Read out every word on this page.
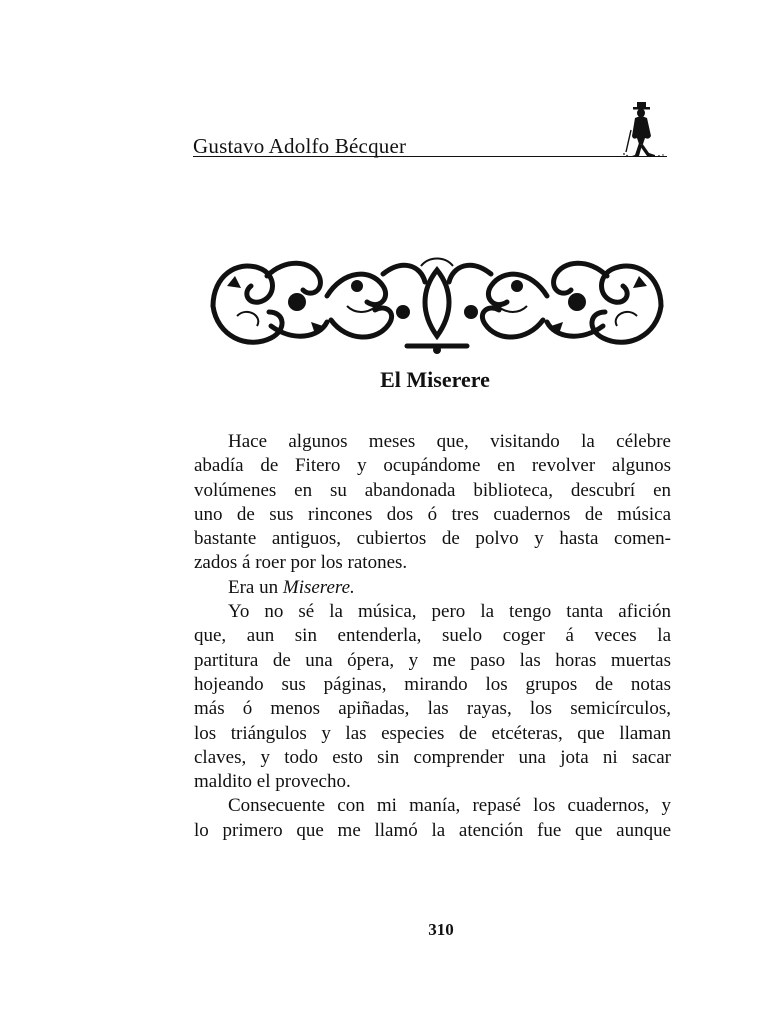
Gustavo Adolfo Bécquer
El Miserere
Hace algunos meses que, visitando la célebre
abadía de Fitero y ocupándome en revolver algunos
volúmenes en su abandonada biblioteca, descubrí en
uno de sus rincones dos ó tres cuadernos de música
bastante antiguos, cubiertos de polvo y hasta comen-
zados á roer por los ratones.
Era un Miserere.
Yo no sé la música, pero la tengo tanta afición
que, aun sin entenderla, suelo coger á veces la
partitura de una ópera, y me paso las horas muertas
hojeando sus páginas, mirando los grupos de notas
más ó menos apiñadas, las rayas, los semicírculos,
los triángulos y las especies de etcéteras, que llaman
claves, y todo esto sin comprender una jota ni sacar
maldito el provecho.
Consecuente con mi manía, repasé los cuadernos, y
lo primero que me llamó la atención fue que aunque
310
